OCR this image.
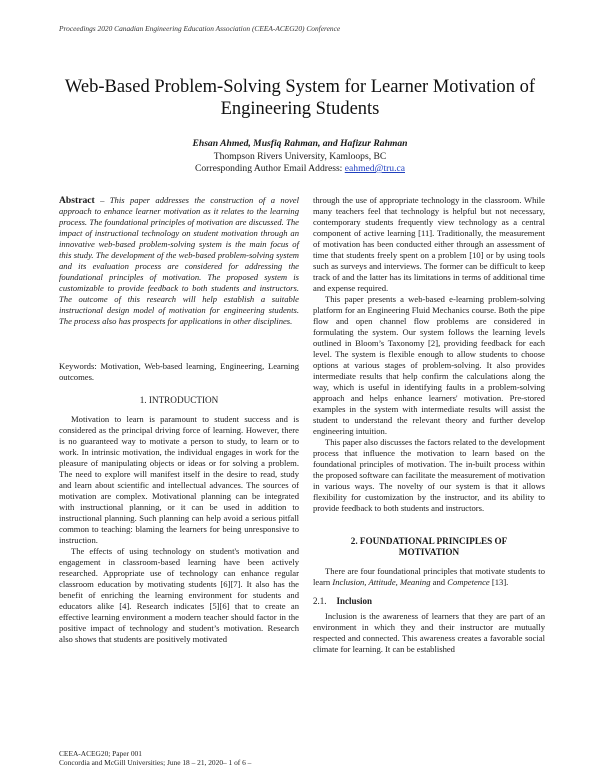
Proceedings 2020 Canadian Engineering Education Association (CEEA-ACEG20) Conference
Web-Based Problem-Solving System for Learner Motivation of Engineering Students
Ehsan Ahmed, Musfiq Rahman, and Hafizur Rahman
Thompson Rivers University, Kamloops, BC
Corresponding Author Email Address: eahmed@tru.ca
Abstract – This paper addresses the construction of a novel approach to enhance learner motivation as it relates to the learning process. The foundational principles of motivation are discussed. The impact of instructional technology on student motivation through an innovative web-based problem-solving system is the main focus of this study. The development of the web-based problem-solving system and its evaluation process are considered for addressing the foundational principles of motivation. The proposed system is customizable to provide feedback to both students and instructors. The outcome of this research will help establish a suitable instructional design model of motivation for engineering students. The process also has prospects for applications in other disciplines.
Keywords: Motivation, Web-based learning, Engineering, Learning outcomes.
1. INTRODUCTION

Motivation to learn is paramount to student success and is considered as the principal driving force of learning. However, there is no guaranteed way to motivate a person to study, to learn or to work. In intrinsic motivation, the individual engages in work for the pleasure of manipulating objects or ideas or for solving a problem. The need to explore will manifest itself in the desire to read, study and learn about scientific and intellectual advances. The sources of motivation are complex. Motivational planning can be integrated with instructional planning, or it can be used in addition to instructional planning. Such planning can help avoid a serious pitfall common to teaching: blaming the learners for being unresponsive to instruction.

The effects of using technology on student's motivation and engagement in classroom-based learning have been actively researched. Appropriate use of technology can enhance regular classroom education by motivating students [6][7]. It also has the benefit of enriching the learning environment for students and educators alike [4]. Research indicates [5][6] that to create an effective learning environment a modern teacher should factor in the positive impact of technology and student’s motivation. Research also shows that students are positively motivated

through the use of appropriate technology in the classroom. While many teachers feel that technology is helpful but not necessary, contemporary students frequently view technology as a central component of active learning [11]. Traditionally, the measurement of motivation has been conducted either through an assessment of time that students freely spent on a problem [10] or by using tools such as surveys and interviews. The former can be difficult to keep track of and the latter has its limitations in terms of additional time and expense required.

This paper presents a web-based e-learning problem-solving platform for an Engineering Fluid Mechanics course. Both the pipe flow and open channel flow problems are considered in formulating the system. Our system follows the learning levels outlined in Bloom’s Taxonomy [2], providing feedback for each level. The system is flexible enough to allow students to choose options at various stages of problem-solving. It also provides intermediate results that help confirm the calculations along the way, which is useful in identifying faults in a problem-solving approach and helps enhance learners' motivation. Pre-stored examples in the system with intermediate results will assist the student to understand the relevant theory and further develop engineering intuition.

This paper also discusses the factors related to the development process that influence the motivation to learn based on the foundational principles of motivation. The in-built process within the proposed software can facilitate the measurement of motivation in various ways. The novelty of our system is that it allows flexibility for customization by the instructor, and its ability to provide feedback to both students and instructors.

2. FOUNDATIONAL PRINCIPLES OF
MOTIVATION

There are four foundational principles that motivate students to learn Inclusion, Attitude, Meaning and Competence [13].

2.1. Inclusion

Inclusion is the awareness of learners that they are part of an environment in which they and their instructor are mutually respected and connected. This awareness creates a favorable social climate for learning. It can be established

CEEA-ACEG20; Paper 001
Concordia and McGill Universities; June 18 – 21, 2020– 1 of 6 –
